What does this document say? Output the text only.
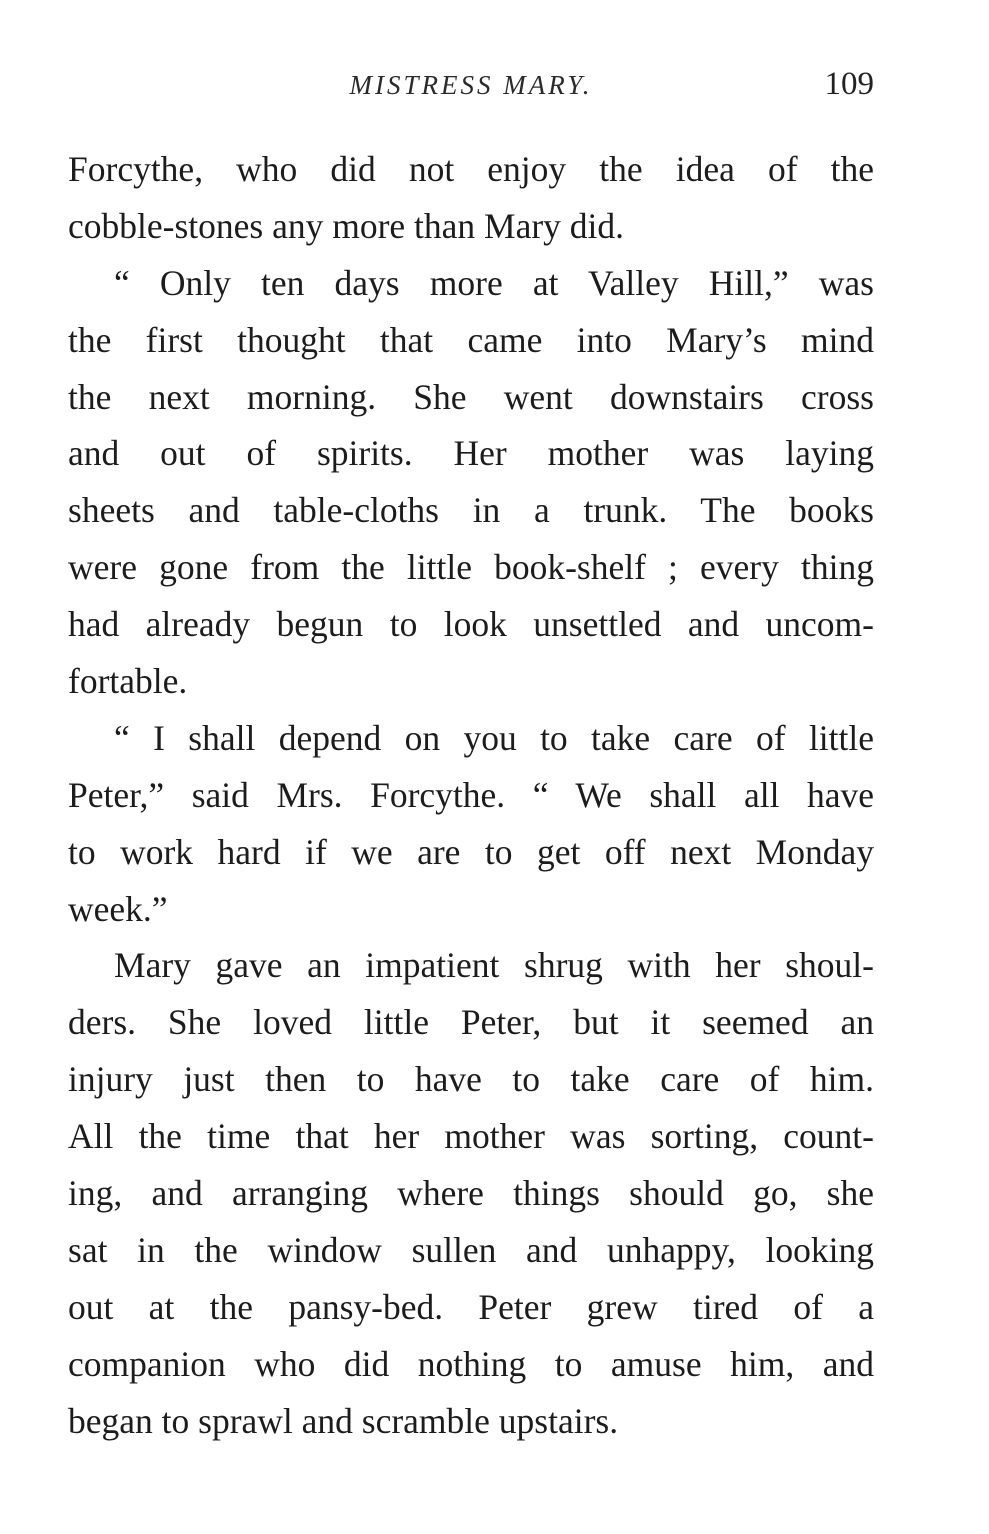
MISTRESS MARY.	109
Forcythe, who did not enjoy the idea of the
cobble-stones any more than Mary did.
“ Only ten days more at Valley Hill,” was
the first thought that came into Mary’s mind
the next morning. She went downstairs cross
and out of spirits. Her mother was laying
sheets and table-cloths in a trunk. The books
were gone from the little book-shelf ; every thing
had already begun to look unsettled and uncom-
fortable.
“ I shall depend on you to take care of little
Peter,” said Mrs. Forcythe. “ We shall all have
to work hard if we are to get off next Monday
week.”
Mary gave an impatient shrug with her shoul-
ders. She loved little Peter, but it seemed an
injury just then to have to take care of him.
All the time that her mother was sorting, count-
ing, and arranging where things should go, she
sat in the window sullen and unhappy, looking
out at the pansy-bed. Peter grew tired of a
companion who did nothing to amuse him, and
began to sprawl and scramble upstairs.
